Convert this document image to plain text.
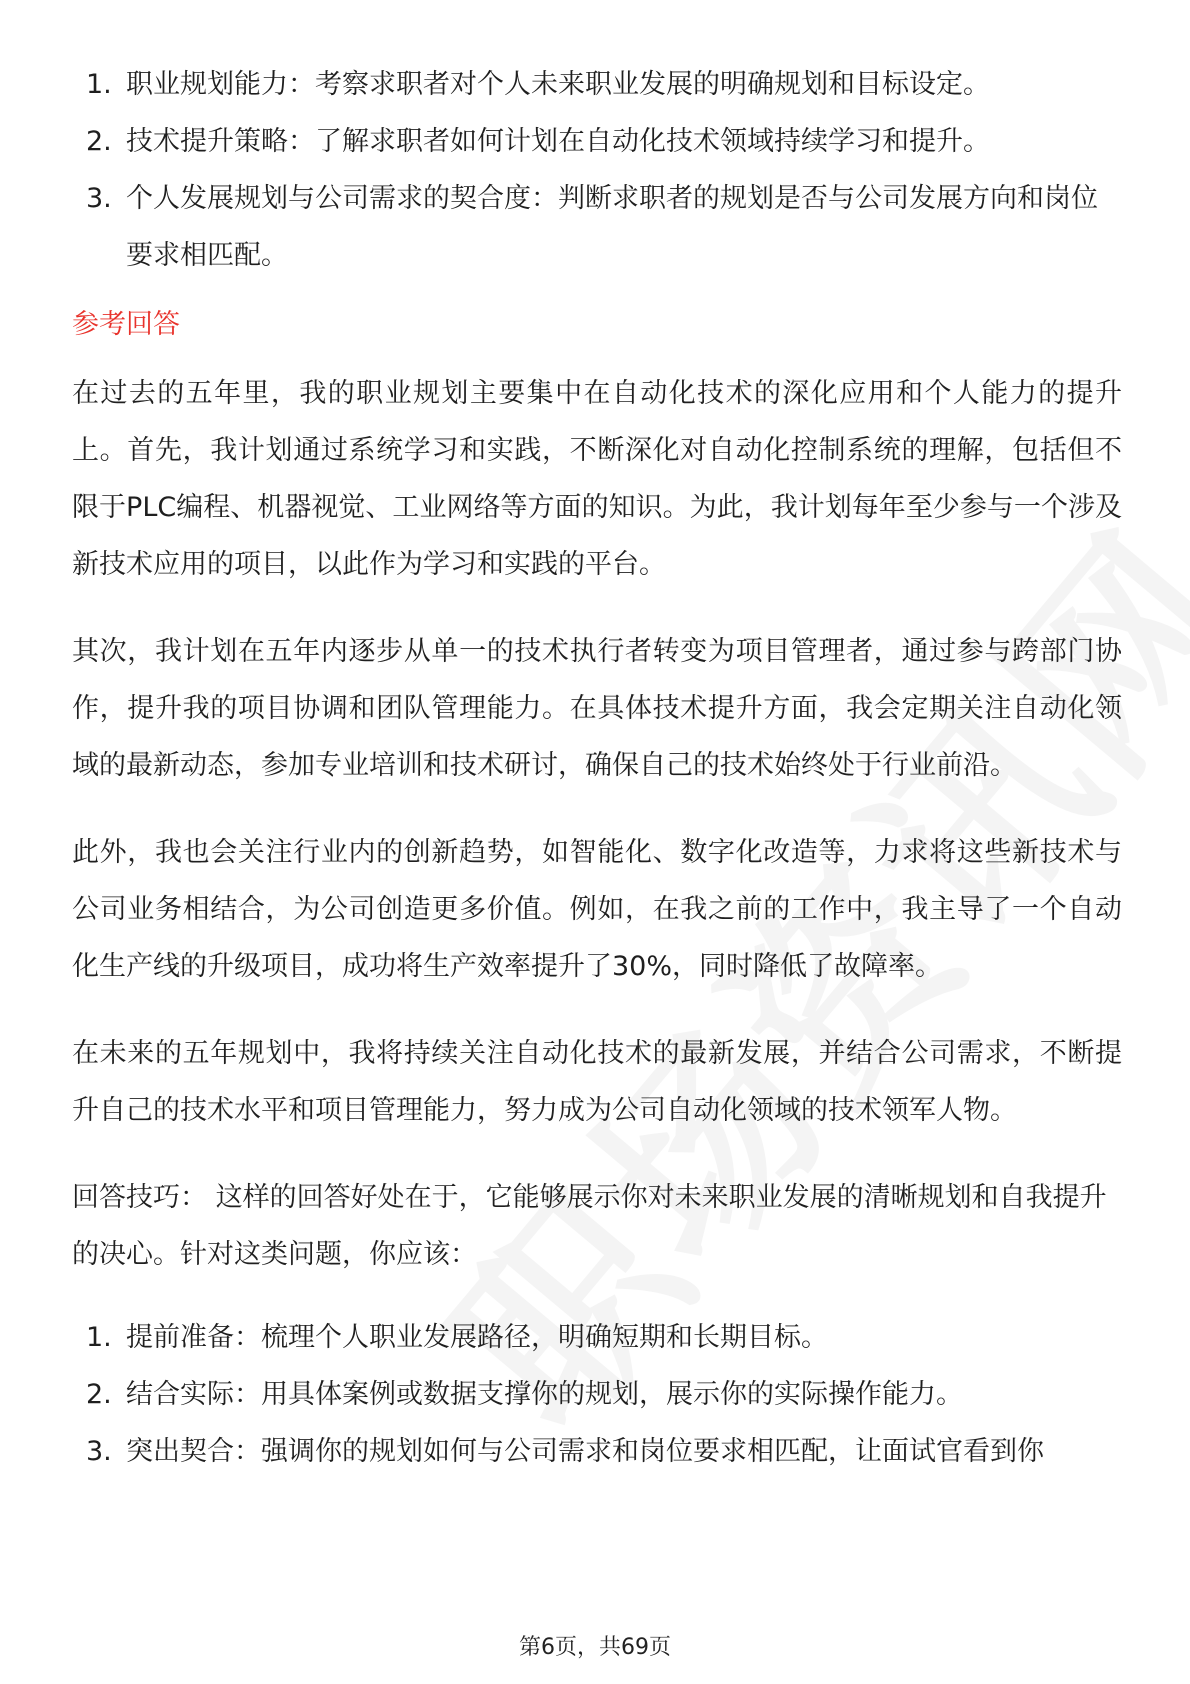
1. 职业规划能力：考察求职者对个人未来职业发展的明确规划和目标设定。
2. 技术提升策略：了解求职者如何计划在自动化技术领域持续学习和提升。
3. 个人发展规划与公司需求的契合度：判断求职者的规划是否与公司发展方向和岗位要求相匹配。
参考回答

在过去的五年里，我的职业规划主要集中在自动化技术的深化应用和个人能力的提升上。首先，我计划通过系统学习和实践，不断深化对自动化控制系统的理解，包括但不限于PLC编程、机器视觉、工业网络等方面的知识。为此，我计划每年至少参与一个涉及新技术应用的项目，以此作为学习和实践的平台。

其次，我计划在五年内逐步从单一的技术执行者转变为项目管理者，通过参与跨部门协作，提升我的项目协调和团队管理能力。在具体技术提升方面，我会定期关注自动化领域的最新动态，参加专业培训和技术研讨，确保自己的技术始终处于行业前沿。

此外，我也会关注行业内的创新趋势，如智能化、数字化改造等，力求将这些新技术与公司业务相结合，为公司创造更多价值。例如，在我之前的工作中，我主导了一个自动化生产线的升级项目，成功将生产效率提升了30%，同时降低了故障率。

在未来的五年规划中，我将持续关注自动化技术的最新发展，并结合公司需求，不断提升自己的技术水平和项目管理能力，努力成为公司自动化领域的技术领军人物。

回答技巧： 这样的回答好处在于，它能够展示你对未来职业发展的清晰规划和自我提升的决心。针对这类问题，你应该：

1. 提前准备：梳理个人职业发展路径，明确短期和长期目标。
2. 结合实际：用具体案例或数据支撑你的规划，展示你的实际操作能力。
3. 突出契合：强调你的规划如何与公司需求和岗位要求相匹配，让面试官看到你
第6页，共69页
